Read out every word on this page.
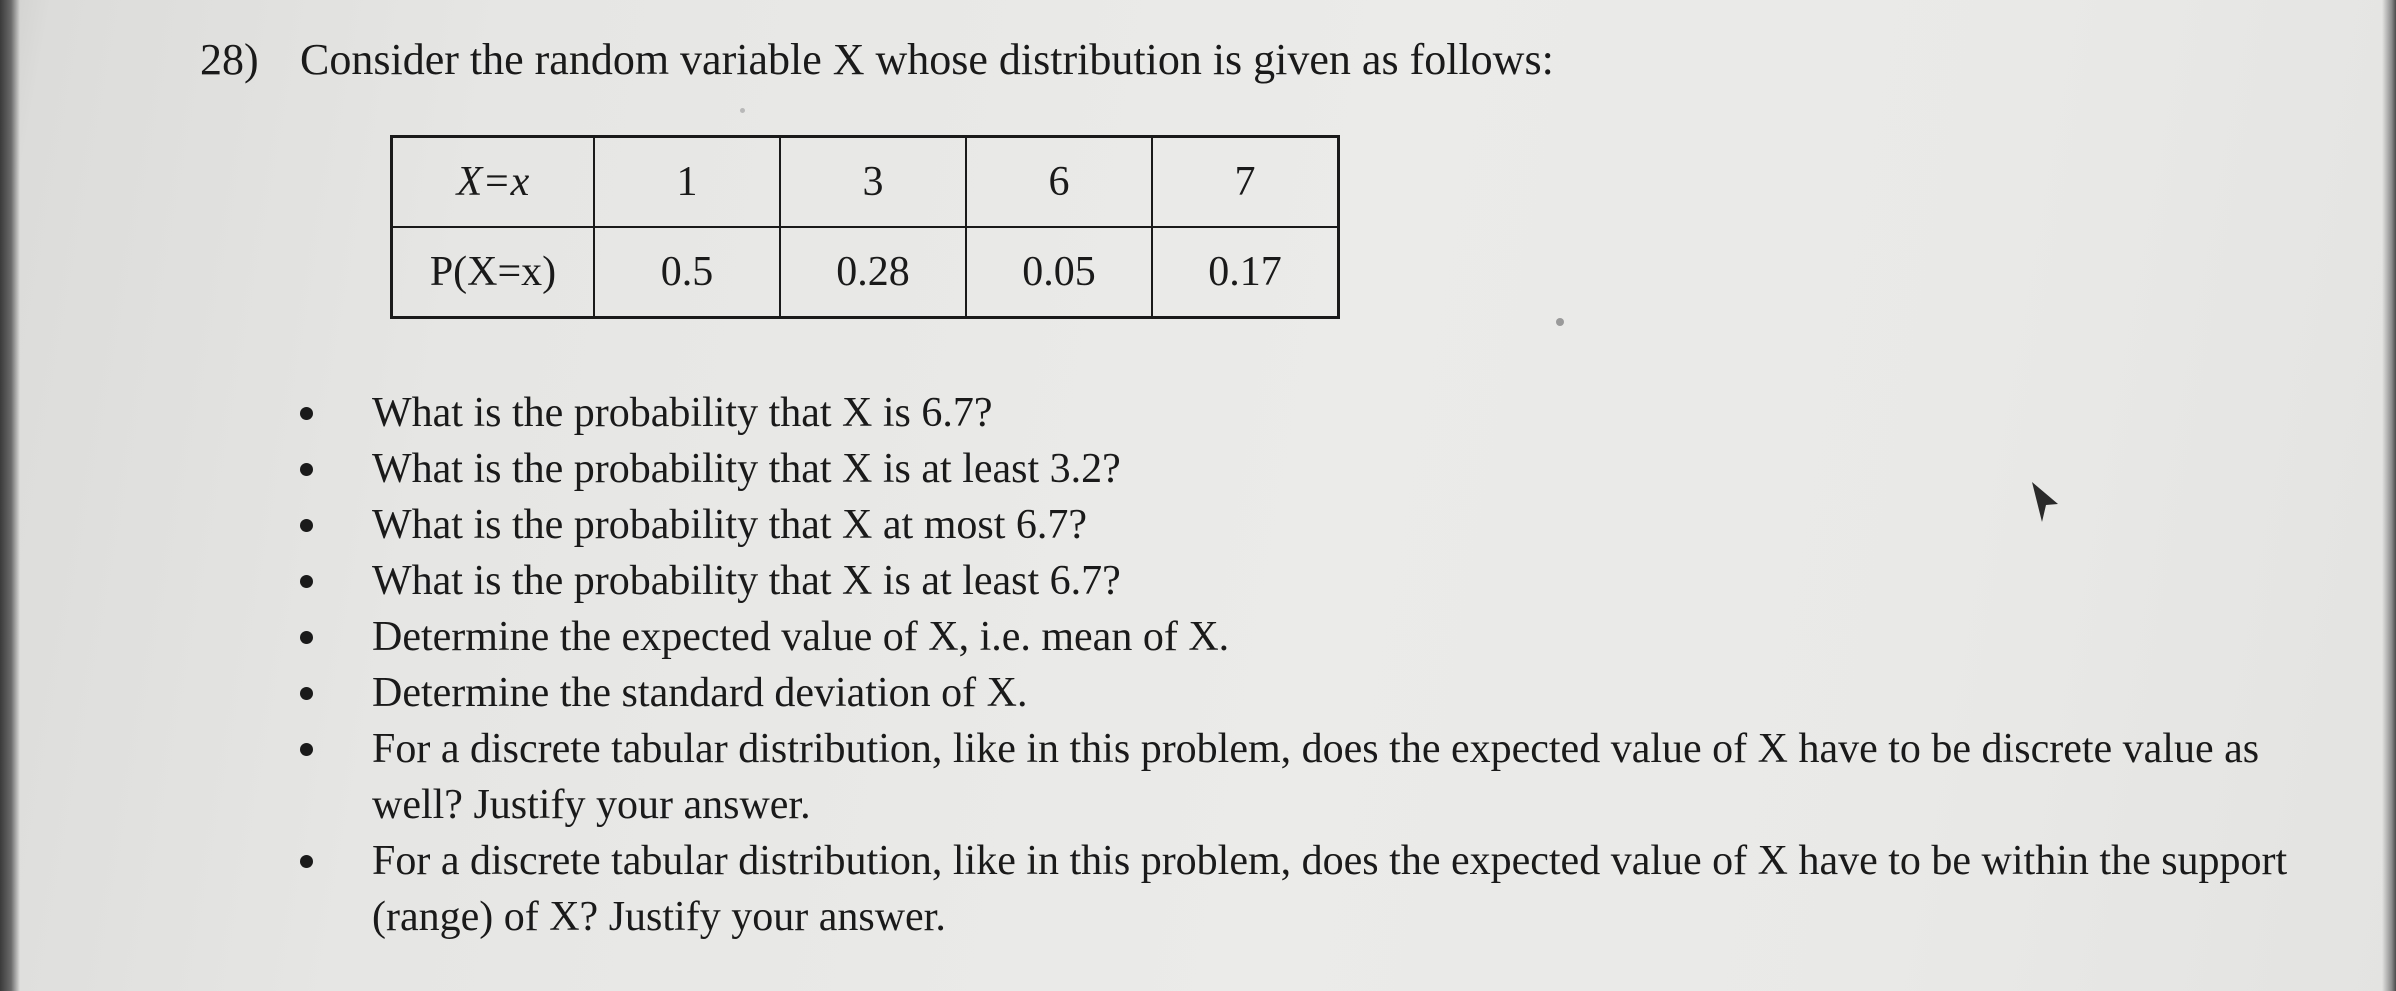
28) Consider the random variable X whose distribution is given as follows:
X=x	1	3	6	7
P(X=x)	0.5	0.28	0.05	0.17
What is the probability that X is 6.7?
What is the probability that X is at least 3.2?
What is the probability that X at most 6.7?
What is the probability that X is at least 6.7?
Determine the expected value of X, i.e. mean of X.
Determine the standard deviation of X.
For a discrete tabular distribution, like in this problem, does the expected value of X have to be discrete value as well? Justify your answer.
For a discrete tabular distribution, like in this problem, does the expected value of X have to be within the support (range) of X? Justify your answer.
